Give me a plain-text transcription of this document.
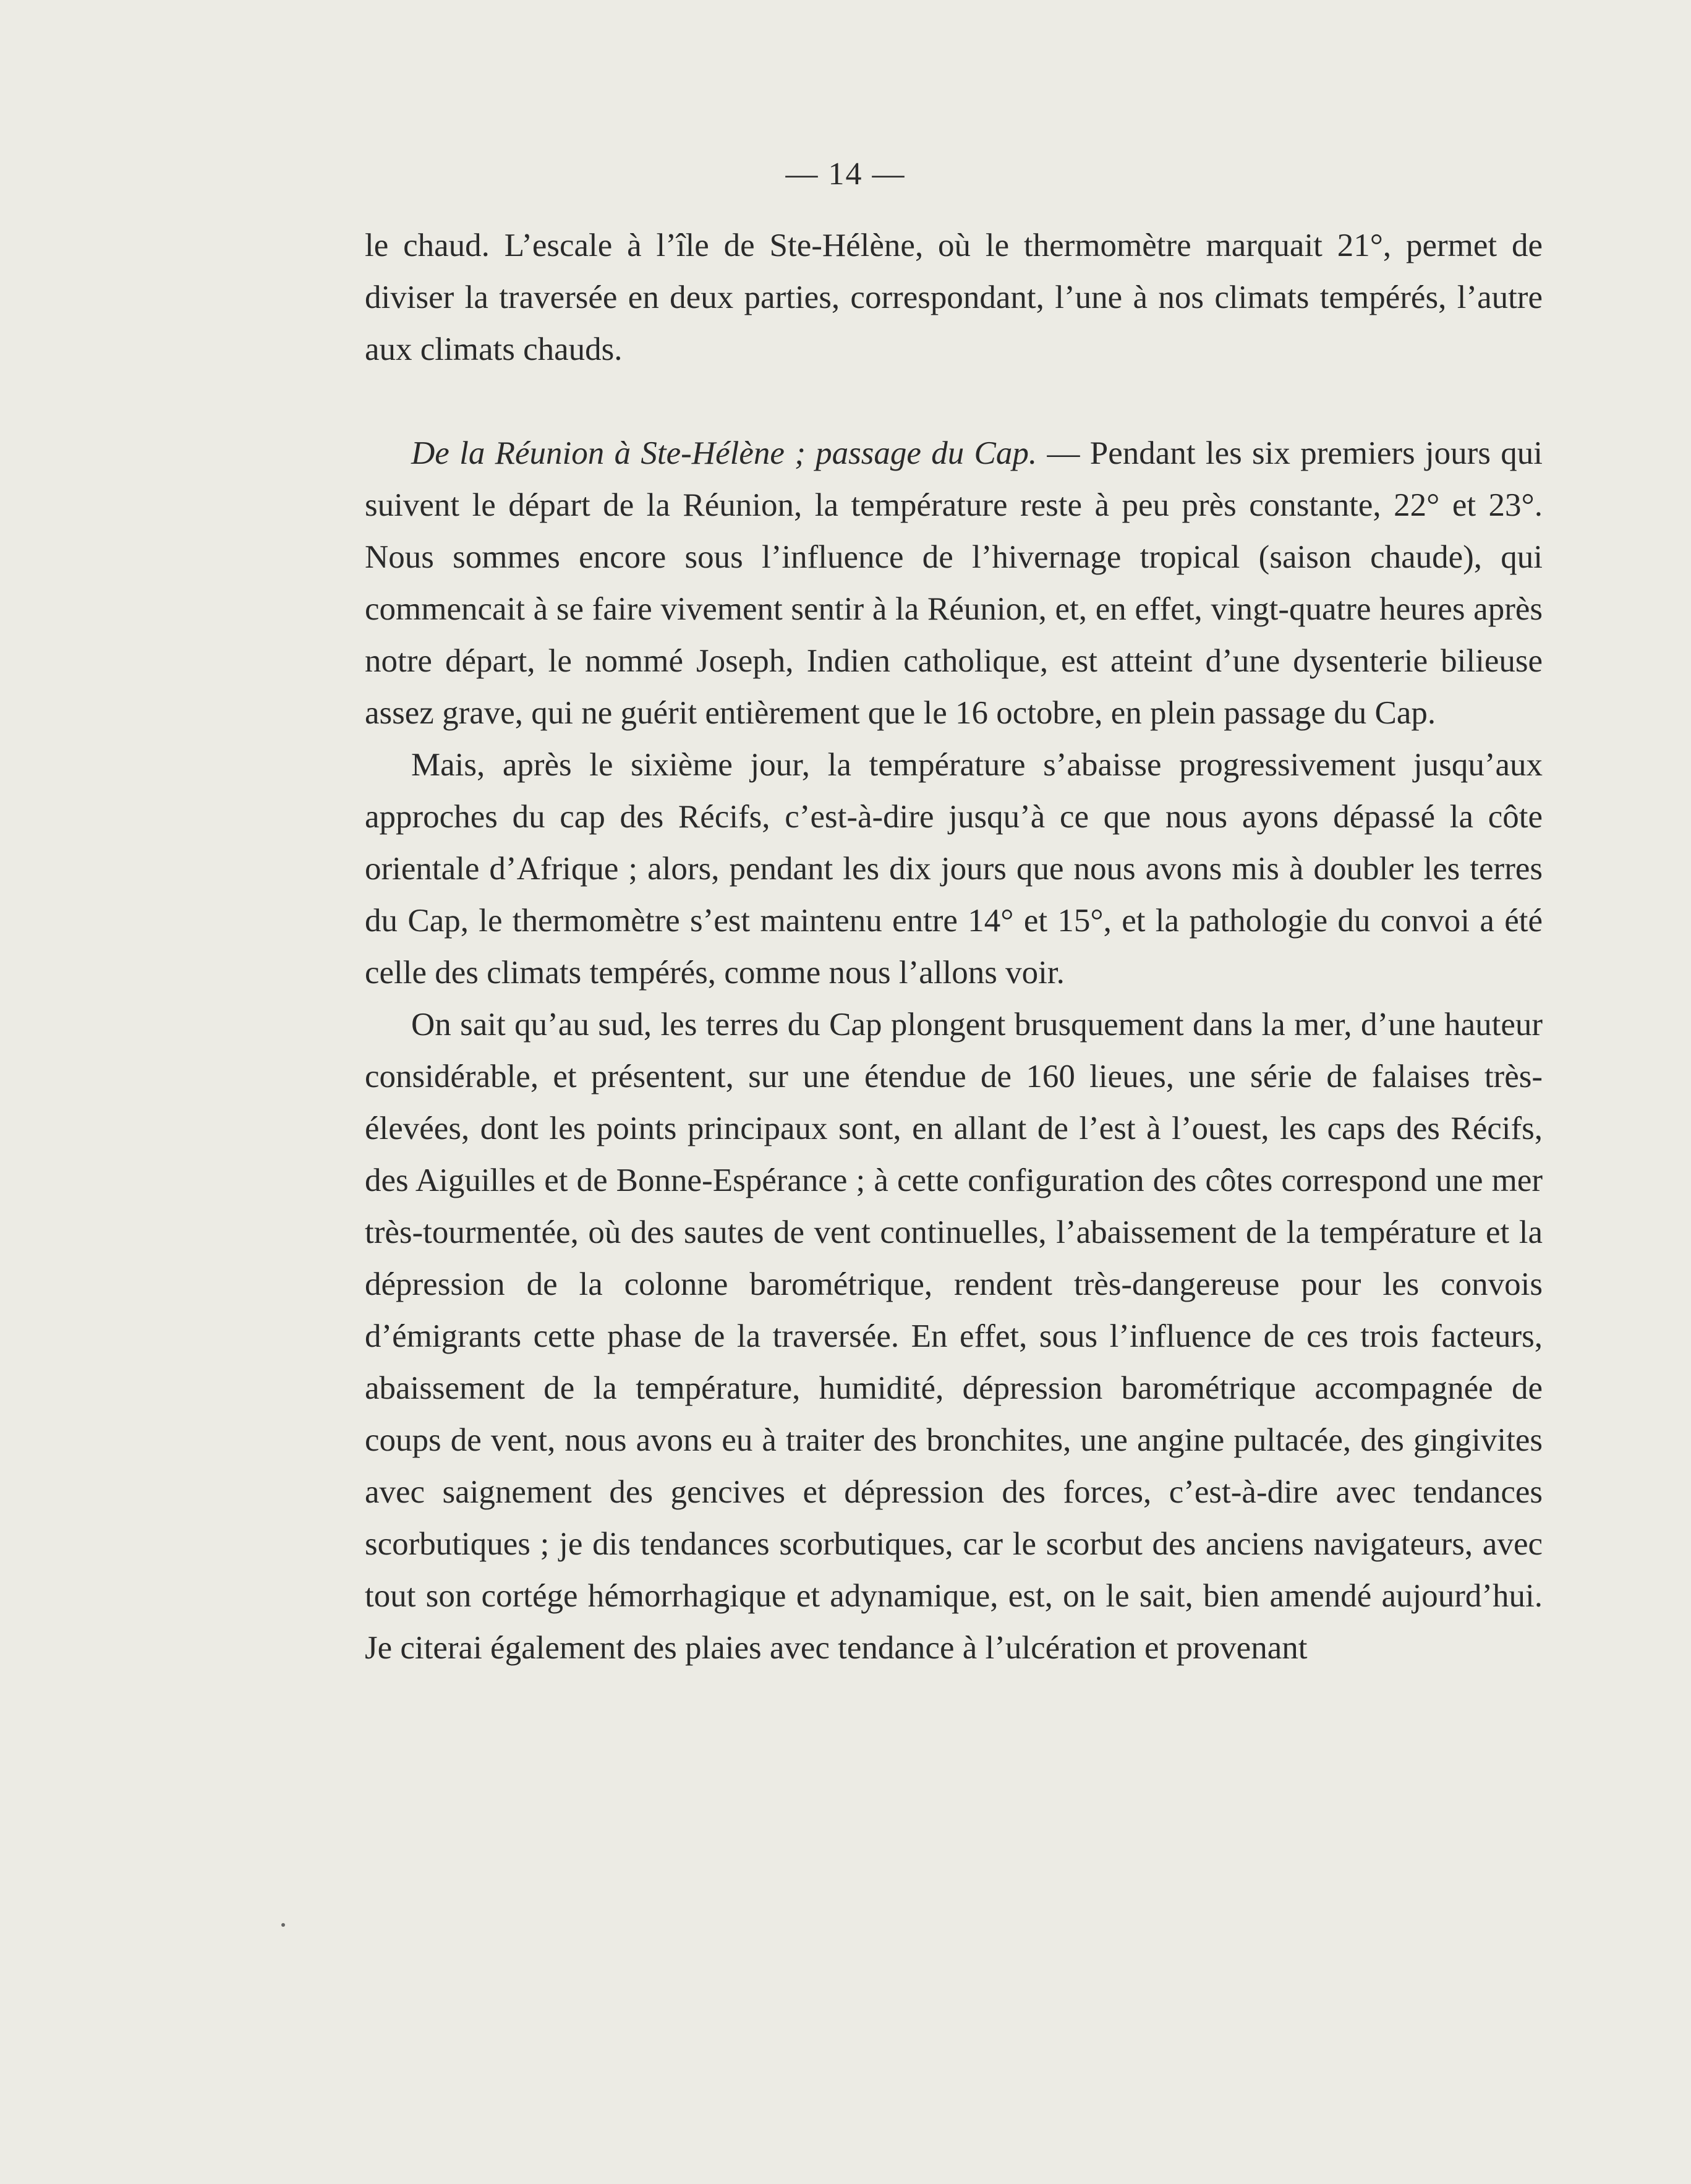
— 14 —

le chaud. L’escale à l’île de Ste-Hélène, où le thermomètre marquait 21°, permet de diviser la traversée en deux parties, correspondant, l’une à nos climats tempérés, l’autre aux climats chauds.

De la Réunion à Ste-Hélène ; passage du Cap. — Pendant les six premiers jours qui suivent le départ de la Réunion, la température reste à peu près constante, 22° et 23°. Nous sommes encore sous l’influence de l’hivernage tropical (saison chaude), qui commencait à se faire vivement sentir à la Réunion, et, en effet, vingt-quatre heures après notre départ, le nommé Joseph, Indien catholique, est atteint d’une dysenterie bilieuse assez grave, qui ne guérit entièrement que le 16 octobre, en plein passage du Cap.

Mais, après le sixième jour, la température s’abaisse progressivement jusqu’aux approches du cap des Récifs, c’est-à-dire jusqu’à ce que nous ayons dépassé la côte orientale d’Afrique ; alors, pendant les dix jours que nous avons mis à doubler les terres du Cap, le thermomètre s’est maintenu entre 14° et 15°, et la pathologie du convoi a été celle des climats tempérés, comme nous l’allons voir.

On sait qu’au sud, les terres du Cap plongent brusquement dans la mer, d’une hauteur considérable, et présentent, sur une étendue de 160 lieues, une série de falaises très-élevées, dont les points principaux sont, en allant de l’est à l’ouest, les caps des Récifs, des Aiguilles et de Bonne-Espérance ; à cette configuration des côtes correspond une mer très-tourmentée, où des sautes de vent continuelles, l’abaissement de la température et la dépression de la colonne barométrique, rendent très-dangereuse pour les convois d’émigrants cette phase de la traversée. En effet, sous l’influence de ces trois facteurs, abaissement de la température, humidité, dépression barométrique accompagnée de coups de vent, nous avons eu à traiter des bronchites, une angine pultacée, des gingivites avec saignement des gencives et dépression des forces, c’est-à-dire avec tendances scorbutiques ; je dis tendances scorbutiques, car le scorbut des anciens navigateurs, avec tout son cortége hémorrhagique et adynamique, est, on le sait, bien amendé aujourd’hui. Je citerai également des plaies avec tendance à l’ulcération et provenant
